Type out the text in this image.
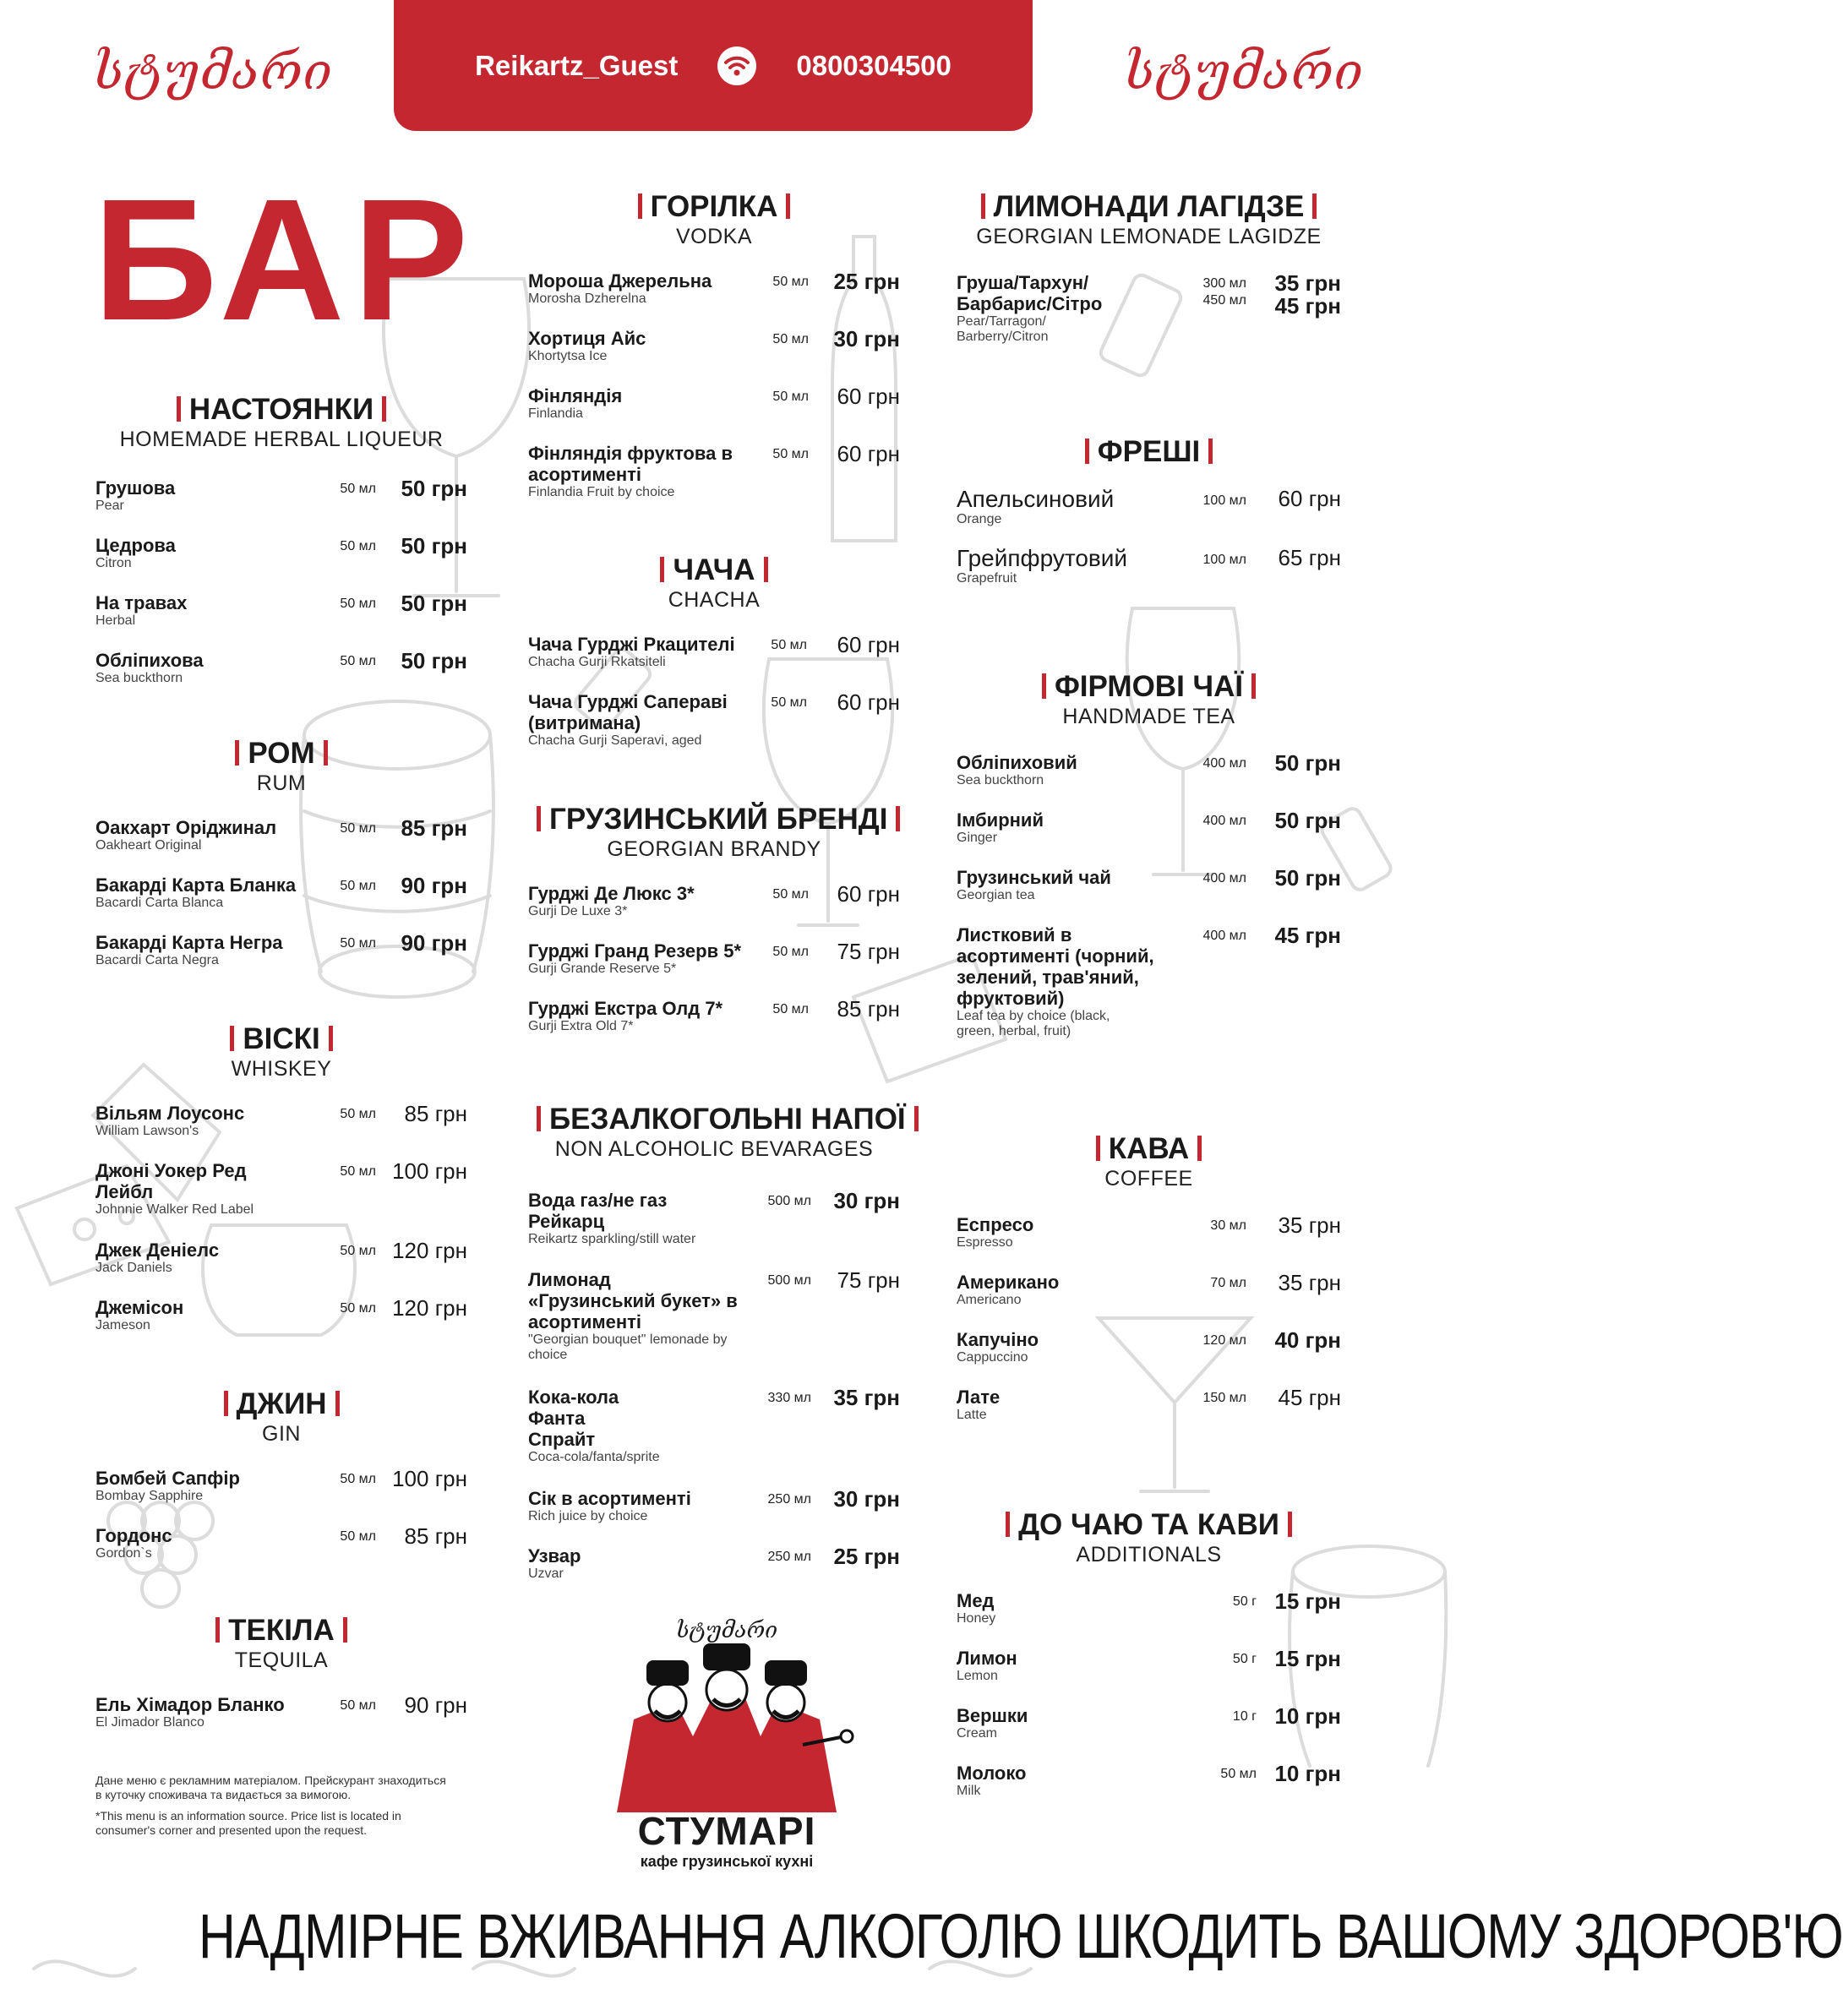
სტუმარი	სტუმარი
Reikartz_Guest	0800304500
БАР
НАСТОЯНКИ
HOMEMADE HERBAL LIQUEUR
Грушова
Pear
50 мл 50 грн
Цедрова
Citron
50 мл 50 грн
На травах
Herbal
50 мл 50 грн
Обліпихова
Sea buckthorn
50 мл 50 грн
РОМ
RUM
Оакхарт Оріджинал
Oakheart Original
50 мл 85 грн
Бакарді Карта Бланка
Bacardi Carta Blanca
50 мл 90 грн
Бакарді Карта Негра
Bacardi Carta Negra
50 мл 90 грн
ВІСКІ
WHISKEY
Вільям Лоусонс
William Lawson's
50 мл 85 грн
Джоні Уокер Ред Лейбл
Johnnie Walker Red Label
50 мл 100 грн
Джек Деніелс
Jack Daniels
50 мл 120 грн
Джемісон
Jameson
50 мл 120 грн
ДЖИН
GIN
Бомбей Сапфір
Bombay Sapphire
50 мл 100 грн
Гордонс
Gordon`s
50 мл 85 грн
ТЕКІЛА
TEQUILA
Ель Хімадор Бланко
El Jimador Blanco
50 мл 90 грн
ГОРІЛКА
VODKA
Мороша Джерельна
Morosha Dzherelna
50 мл 25 грн
Хортиця Айс
Khortytsa Ice
50 мл 30 грн
Фінляндія
Finlandia
50 мл 60 грн
Фінляндія фруктова в асортименті
Finlandia Fruit by choice
50 мл 60 грн
ЧАЧА
CHACHA
Чача Гурджі Ркацителі
Chacha Gurji Rkatsiteli
50 мл 60 грн
Чача Гурджі Сапераві (витримана)
Chacha Gurji Saperavi, aged
50 мл 60 грн
ГРУЗИНСЬКИЙ БРЕНДІ
GEORGIAN BRANDY
Гурджі Де Люкс 3*
Gurji De Luxe 3*
50 мл 60 грн
Гурджі Гранд Резерв 5*
Gurji Grande Reserve 5*
50 мл 75 грн
Гурджі Екстра Олд 7*
Gurji Extra Old 7*
50 мл 85 грн
БЕЗАЛКОГОЛЬНІ НАПОЇ
NON ALCOHOLIC BEVARAGES
Вода газ/не газ Рейкарц
Reikartz sparkling/still water
500 мл 30 грн
Лимонад «Грузинський букет» в асортименті
"Georgian bouquet" lemonade by choice
500 мл 75 грн
Кока-кола Фанта Спрайт
Coca-cola/fanta/sprite
330 мл 35 грн
Сік в асортименті
Rich juice by choice
250 мл 30 грн
Узвар
Uzvar
250 мл 25 грн
ЛИМОНАДИ ЛАГІДЗЕ
GEORGIAN LEMONADE LAGIDZE
Груша/Тархун/ Барбарис/Сітро
Pear/Tarragon/ Barberry/Citron
300 мл
450 мл
35 грн
45 грн
ФРЕШІ
Апельсиновий
Orange
100 мл 60 грн
Грейпфрутовий
Grapefruit
100 мл 65 грн
ФІРМОВІ ЧАЇ
HANDMADE TEA
Обліпиховий
Sea buckthorn
400 мл 50 грн
Імбирний
Ginger
400 мл 50 грн
Грузинський чай
Georgian tea
400 мл 50 грн
Листковий в асортименті (чорний, зелений, трав'яний, фруктовий)
Leaf tea by choice (black, green, herbal, fruit)
400 мл 45 грн
КАВА
COFFEE
Еспресо
Espresso
30 мл 35 грн
Американо
Americano
70 мл 35 грн
Капучіно
Cappuccino
120 мл 40 грн
Лате
Latte
150 мл 45 грн
ДО ЧАЮ ТА КАВИ
ADDITIONALS
Мед
Honey
50 г 15 грн
Лимон
Lemon
50 г 15 грн
Вершки
Cream
10 г 10 грн
Молоко
Milk
50 мл 10 грн
Дане меню є рекламним матеріалом. Прейскурант знаходиться в куточку споживача та видається за вимогою.
*This menu is an information source. Price list is located in consumer's corner and presented upon the request.
სტუმარი
СТУМАРІ
кафе грузинської кухні
НАДМІРНЕ ВЖИВАННЯ АЛКОГОЛЮ ШКОДИТЬ ВАШОМУ ЗДОРОВ'Ю
